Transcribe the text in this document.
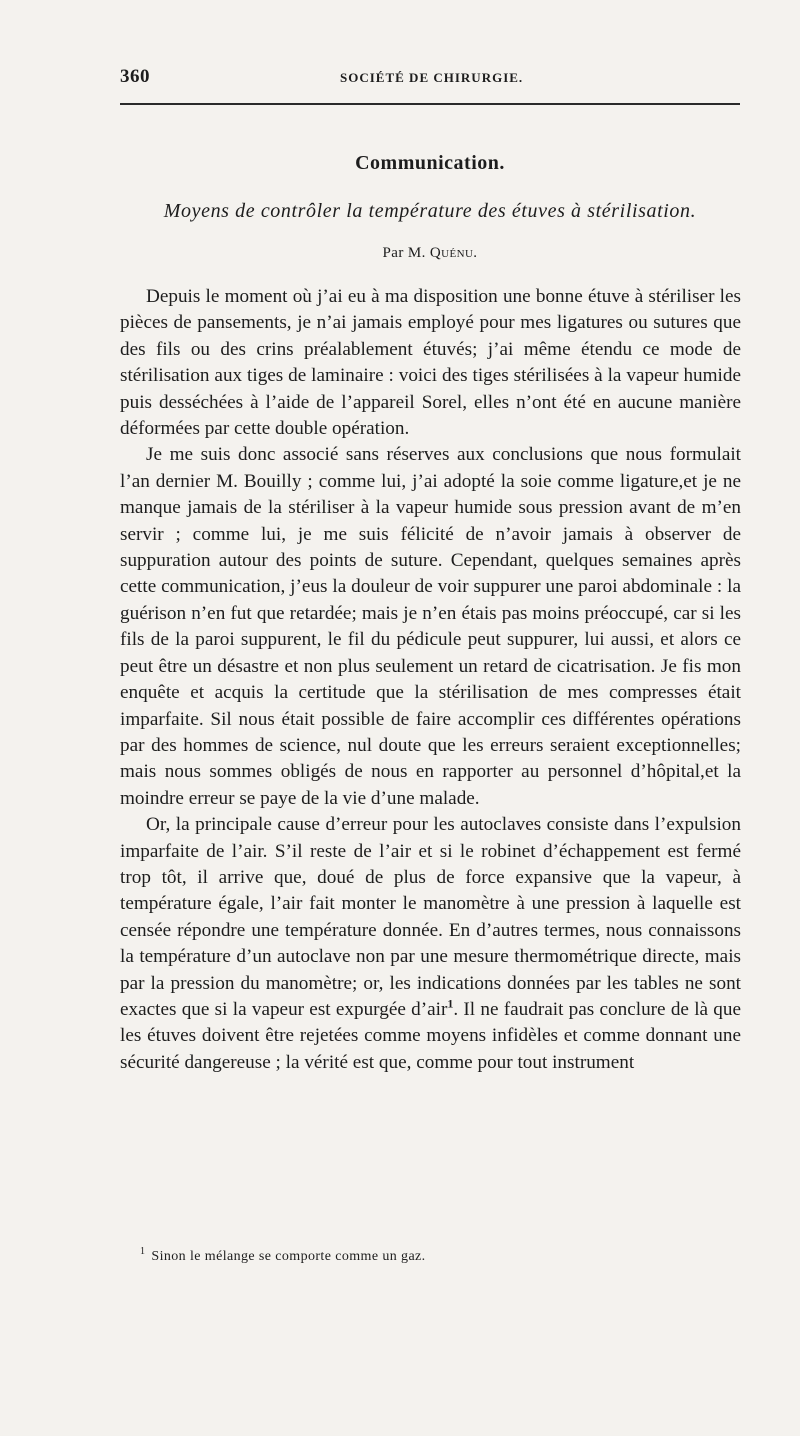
360	SOCIÉTÉ DE CHIRURGIE.
Communication.
Moyens de contrôler la température des étuves à stérilisation.
Par M. Quénu.

Depuis le moment où j’ai eu à ma disposition une bonne étuve à stériliser les pièces de pansements, je n’ai jamais employé pour mes ligatures ou sutures que des fils ou des crins préalablement étuvés; j’ai même étendu ce mode de stérilisation aux tiges de laminaire : voici des tiges stérilisées à la vapeur humide puis desséchées à l’aide de l’appareil Sorel, elles n’ont été en aucune manière déformées par cette double opération.

Je me suis donc associé sans réserves aux conclusions que nous formulait l’an dernier M. Bouilly ; comme lui, j’ai adopté la soie comme ligature,et je ne manque jamais de la stériliser à la vapeur humide sous pression avant de m’en servir ; comme lui, je me suis félicité de n’avoir jamais à observer de suppuration autour des points de suture. Cependant, quelques semaines après cette communication, j’eus la douleur de voir suppurer une paroi abdominale : la guérison n’en fut que retardée; mais je n’en étais pas moins préoccupé, car si les fils de la paroi suppurent, le fil du pédicule peut suppurer, lui aussi, et alors ce peut être un désastre et non plus seulement un retard de cicatrisation. Je fis mon enquête et acquis la certitude que la stérilisation de mes compresses était imparfaite. Sil nous était possible de faire accomplir ces différentes opérations par des hommes de science, nul doute que les erreurs seraient exceptionnelles; mais nous sommes obligés de nous en rapporter au personnel d’hôpital,et la moindre erreur se paye de la vie d’une malade.

Or, la principale cause d’erreur pour les autoclaves consiste dans l’expulsion imparfaite de l’air. S’il reste de l’air et si le robinet d’échappement est fermé trop tôt, il arrive que, doué de plus de force expansive que la vapeur, à température égale, l’air fait monter le manomètre à une pression à laquelle est censée répondre une température donnée. En d’autres termes, nous connaissons la température d’un autoclave non par une mesure thermométrique directe, mais par la pression du manomètre; or, les indications données par les tables ne sont exactes que si la vapeur est expurgée d’air$^1$. Il ne faudrait pas conclure de là que les étuves doivent être rejetées comme moyens infidèles et comme donnant une sécurité dangereuse ; la vérité est que, comme pour tout instrument

$^1$ Sinon le mélange se comporte comme un gaz.
